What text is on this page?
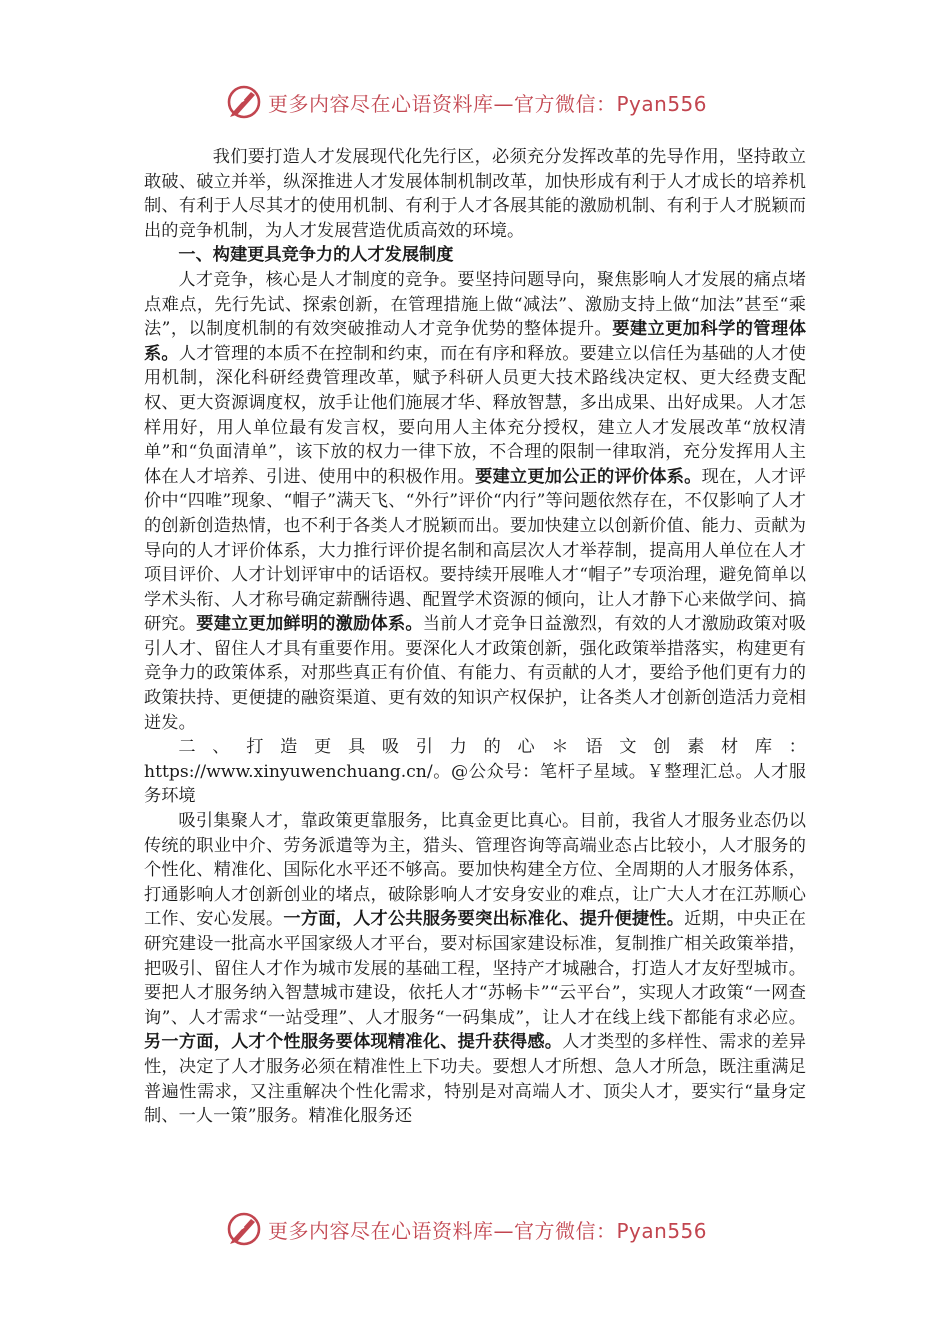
更多内容尽在心语资料库—官方微信：Pyan556

我们要打造人才发展现代化先行区，必须充分发挥改革的先导作用，坚持敢立敢破、破立并举，纵深推进人才发展体制机制改革，加快形成有利于人才成长的培养机制、有利于人尽其才的使用机制、有利于人才各展其能的激励机制、有利于人才脱颖而出的竞争机制，为人才发展营造优质高效的环境。

一、构建更具竞争力的人才发展制度

人才竞争，核心是人才制度的竞争。要坚持问题导向，聚焦影响人才发展的痛点堵点难点，先行先试、探索创新，在管理措施上做“减法”、激励支持上做“加法”甚至“乘法”，以制度机制的有效突破推动人才竞争优势的整体提升。要建立更加科学的管理体系。人才管理的本质不在控制和约束，而在有序和释放。要建立以信任为基础的人才使用机制，深化科研经费管理改革，赋予科研人员更大技术路线决定权、更大经费支配权、更大资源调度权，放手让他们施展才华、释放智慧，多出成果、出好成果。人才怎样用好，用人单位最有发言权，要向用人主体充分授权，建立人才发展改革“放权清单”和“负面清单”，该下放的权力一律下放，不合理的限制一律取消，充分发挥用人主体在人才培养、引进、使用中的积极作用。要建立更加公正的评价体系。现在，人才评价中“四唯”现象、“帽子”满天飞、“外行”评价“内行”等问题依然存在，不仅影响了人才的创新创造热情，也不利于各类人才脱颖而出。要加快建立以创新价值、能力、贡献为导向的人才评价体系，大力推行评价提名制和高层次人才举荐制，提高用人单位在人才项目评价、人才计划评审中的话语权。要持续开展唯人才“帽子”专项治理，避免简单以学术头衔、人才称号确定薪酬待遇、配置学术资源的倾向，让人才静下心来做学问、搞研究。要建立更加鲜明的激励体系。当前人才竞争日益激烈，有效的人才激励政策对吸引人才、留住人才具有重要作用。要深化人才政策创新，强化政策举措落实，构建更有竞争力的政策体系，对那些真正有价值、有能力、有贡献的人才，要给予他们更有力的政策扶持、更便捷的融资渠道、更有效的知识产权保护，让各类人才创新创造活力竞相迸发。

二、打造更具吸引力的心＊语文创素材库：https://www.xinyuwenchuang.cn/。@公众号：笔杆子星域。￥整理汇总。人才服务环境

吸引集聚人才，靠政策更靠服务，比真金更比真心。目前，我省人才服务业态仍以传统的职业中介、劳务派遣等为主，猎头、管理咨询等高端业态占比较小，人才服务的个性化、精准化、国际化水平还不够高。要加快构建全方位、全周期的人才服务体系，打通影响人才创新创业的堵点，破除影响人才安身安业的难点，让广大人才在江苏顺心工作、安心发展。一方面，人才公共服务要突出标准化、提升便捷性。近期，中央正在研究建设一批高水平国家级人才平台，要对标国家建设标准，复制推广相关政策举措，把吸引、留住人才作为城市发展的基础工程，坚持产才城融合，打造人才友好型城市。要把人才服务纳入智慧城市建设，依托人才“苏畅卡”“云平台”，实现人才政策“一网查询”、人才需求“一站受理”、人才服务“一码集成”，让人才在线上线下都能有求必应。另一方面，人才个性服务要体现精准化、提升获得感。人才类型的多样性、需求的差异性，决定了人才服务必须在精准性上下功夫。要想人才所想、急人才所急，既注重满足普遍性需求，又注重解决个性化需求，特别是对高端人才、顶尖人才，要实行“量身定制、一人一策”服务。精准化服务还

更多内容尽在心语资料库—官方微信：Pyan556
